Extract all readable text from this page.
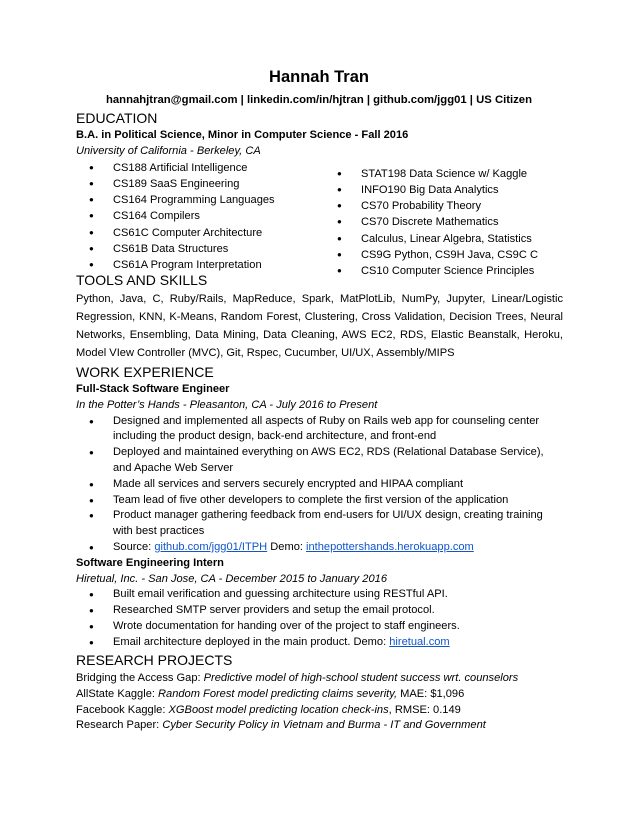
Hannah Tran
hannahjtran@gmail.com | linkedin.com/in/hjtran | github.com/jgg01 | US Citizen
EDUCATION
B.A. in Political Science, Minor in Computer Science - Fall 2016
University of California - Berkeley, CA
● CS188 Artificial Intelligence
● CS189 SaaS Engineering
● CS164 Programming Languages
● CS164 Compilers
● CS61C Computer Architecture
● CS61B Data Structures
● CS61A Program Interpretation
● STAT198 Data Science w/ Kaggle
● INFO190 Big Data Analytics
● CS70 Probability Theory
● CS70 Discrete Mathematics
● Calculus, Linear Algebra, Statistics
● CS9G Python, CS9H Java, CS9C C
● CS10 Computer Science Principles
TOOLS AND SKILLS
Python, Java, C, Ruby/Rails, MapReduce, Spark, MatPlotLib, NumPy, Jupyter, Linear/Logistic Regression, KNN, K-Means, Random Forest, Clustering, Cross Validation, Decision Trees, Neural Networks, Ensembling, Data Mining, Data Cleaning, AWS EC2, RDS, Elastic Beanstalk, Heroku, Model VIew Controller (MVC), Git, Rspec, Cucumber, UI/UX, Assembly/MIPS
WORK EXPERIENCE
Full-Stack Software Engineer
In the Potter’s Hands - Pleasanton, CA - July 2016 to Present
● Designed and implemented all aspects of Ruby on Rails web app for counseling center including the product design, back-end architecture, and front-end
● Deployed and maintained everything on AWS EC2, RDS (Relational Database Service), and Apache Web Server
● Made all services and servers securely encrypted and HIPAA compliant
● Team lead of five other developers to complete the first version of the application
● Product manager gathering feedback from end-users for UI/UX design, creating training with best practices
● Source: github.com/jgg01/ITPH Demo: inthepottershands.herokuapp.com
Software Engineering Intern
Hiretual, Inc. - San Jose, CA - December 2015 to January 2016
● Built email verification and guessing architecture using RESTful API.
● Researched SMTP server providers and setup the email protocol.
● Wrote documentation for handing over of the project to staff engineers.
● Email architecture deployed in the main product. Demo: hiretual.com
RESEARCH PROJECTS
Bridging the Access Gap: Predictive model of high-school student success wrt. counselors
AllState Kaggle: Random Forest model predicting claims severity, MAE: $1,096
Facebook Kaggle: XGBoost model predicting location check-ins, RMSE: 0.149
Research Paper: Cyber Security Policy in Vietnam and Burma - IT and Government
